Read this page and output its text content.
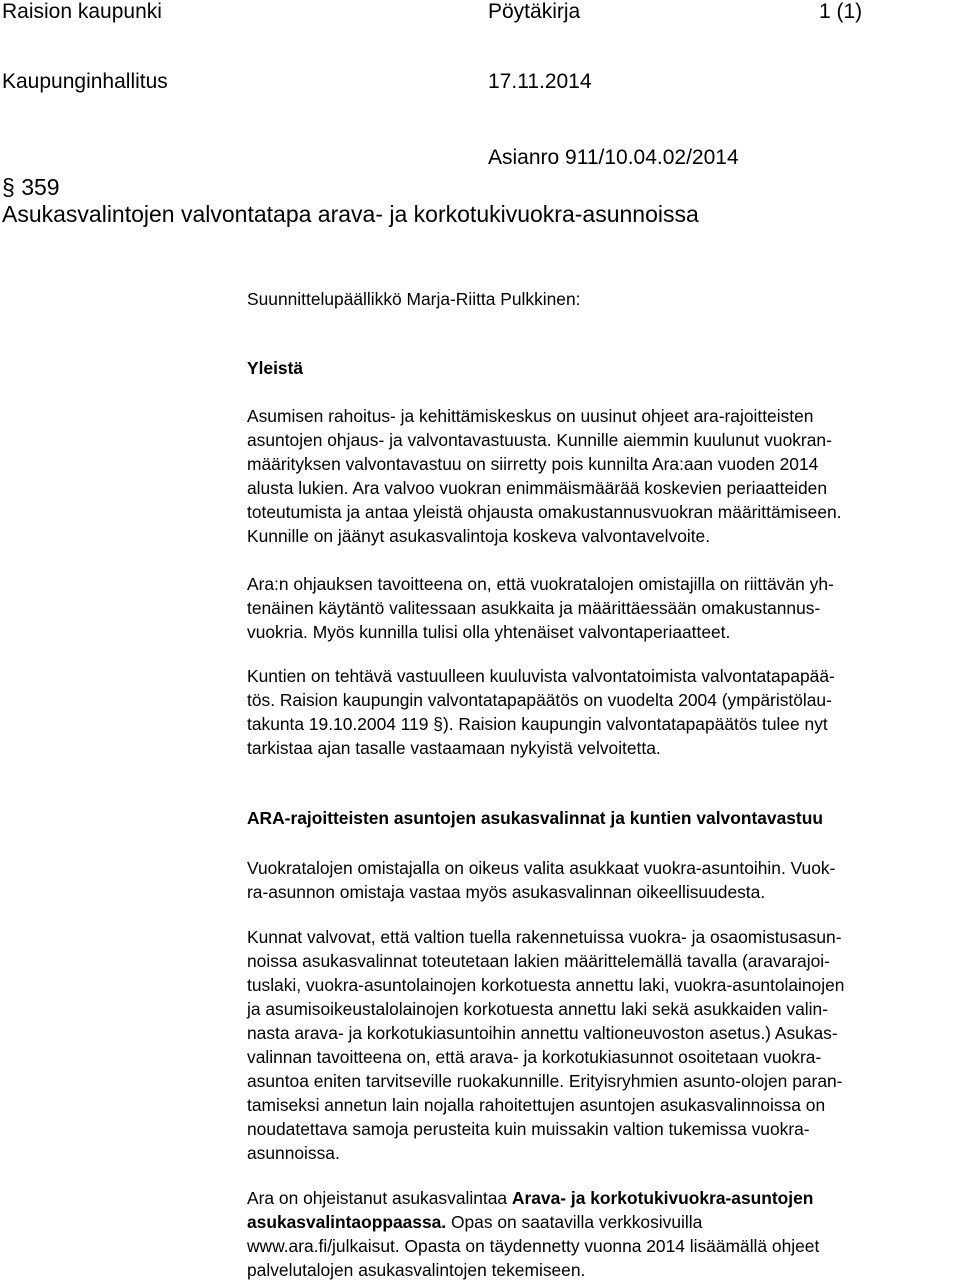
Raision kaupunki	Pöytäkirja	1 (1)
Kaupunginhallitus	17.11.2014
Asianro 911/10.04.02/2014
§ 359
Asukasvalintojen valvontatapa arava- ja korkotukivuokra-asunnoissa

Suunnittelupäällikkö Marja-Riitta Pulkkinen:

Yleistä

Asumisen rahoitus- ja kehittämiskeskus on uusinut ohjeet ara-rajoitteisten
asuntojen ohjaus- ja valvontavastuusta. Kunnille aiemmin kuulunut vuokran-
määrityksen valvontavastuu on siirretty pois kunnilta Ara:aan vuoden 2014
alusta lukien. Ara valvoo vuokran enimmäismäärää koskevien periaatteiden
toteutumista ja antaa yleistä ohjausta omakustannusvuokran määrittämiseen.
Kunnille on jäänyt asukasvalintoja koskeva valvontavelvoite.

Ara:n ohjauksen tavoitteena on, että vuokratalojen omistajilla on riittävän yh-
tenäinen käytäntö valitessaan asukkaita ja määrittäessään omakustannus-
vuokria. Myös kunnilla tulisi olla yhtenäiset valvontaperiaatteet.

Kuntien on tehtävä vastuulleen kuuluvista valvontatoimista valvontatapapää-
tös. Raision kaupungin valvontatapapäätös on vuodelta 2004 (ympäristölau-
takunta 19.10.2004 119 §). Raision kaupungin valvontatapapäätös tulee nyt
tarkistaa ajan tasalle vastaamaan nykyistä velvoitetta.

ARA-rajoitteisten asuntojen asukasvalinnat ja kuntien valvontavastuu

Vuokratalojen omistajalla on oikeus valita asukkaat vuokra-asuntoihin. Vuok-
ra-asunnon omistaja vastaa myös asukasvalinnan oikeellisuudesta.

Kunnat valvovat, että valtion tuella rakennetuissa vuokra- ja osaomistusasun-
noissa asukasvalinnat toteutetaan lakien määrittelemällä tavalla (aravarajoi-
tuslaki, vuokra-asuntolainojen korkotuesta annettu laki, vuokra-asuntolainojen
ja asumisoikeustalolainojen korkotuesta annettu laki sekä asukkaiden valin-
nasta arava- ja korkotukiasuntoihin annettu valtioneuvoston asetus.) Asukas-
valinnan tavoitteena on, että arava- ja korkotukiasunnot osoitetaan vuokra-
asuntoa eniten tarvitseville ruokakunnille. Erityisryhmien asunto-olojen paran-
tamiseksi annetun lain nojalla rahoitettujen asuntojen asukasvalinnoissa on
noudatettava samoja perusteita kuin muissakin valtion tukemissa vuokra-
asunnoissa.

Ara on ohjeistanut asukasvalintaa Arava- ja korkotukivuokra-asuntojen
asukasvalintaoppaassa. Opas on saatavilla verkkosivuilla
www.ara.fi/julkaisut. Opasta on täydennetty vuonna 2014 lisäämällä ohjeet
palvelutalojen asukasvalintojen tekemiseen.
